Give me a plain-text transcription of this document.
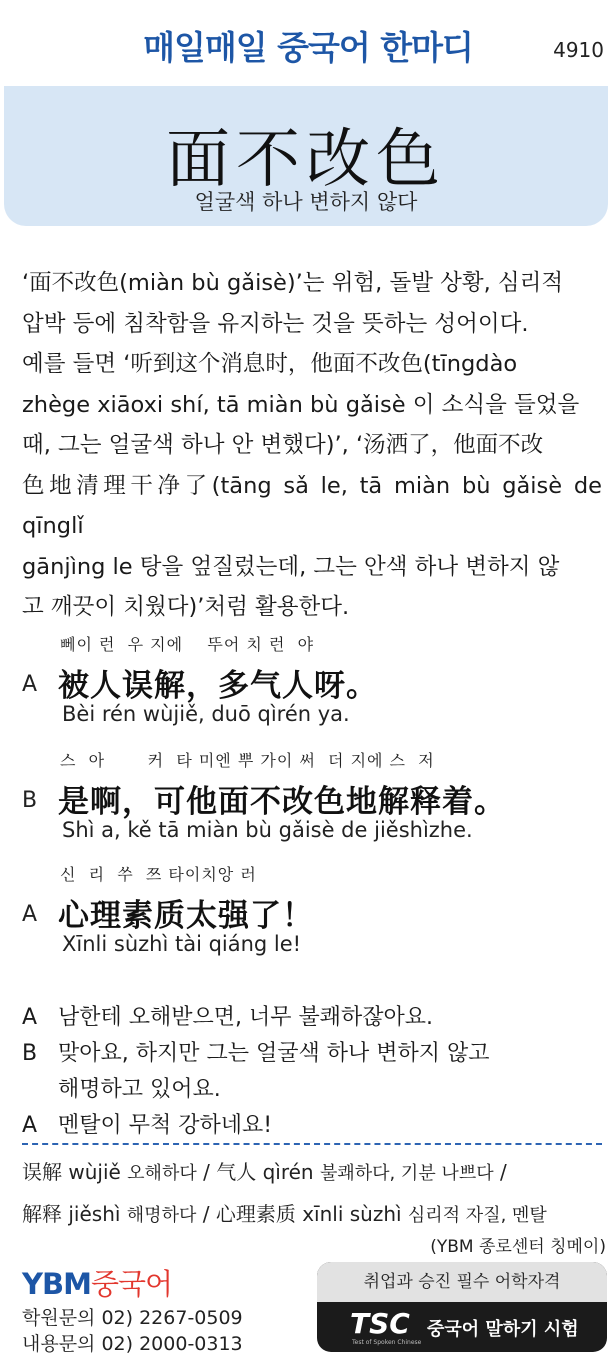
매일매일 중국어 한마디	4910
面不改色
얼굴색 하나 변하지 않다

‘面不改色(miàn bù gǎisè)’는 위험, 돌발 상황, 심리적

압박 등에 침착함을 유지하는 것을 뜻하는 성어이다.

예를 들면 ‘听到这个消息时，他面不改色(tīngdào

zhège xiāoxi shí, tā miàn bù gǎisè 이 소식을 들었을

때, 그는 얼굴색 하나 안 변했다)’, ‘汤洒了，他面不改

色地清理干净了(tāng sǎ le, tā miàn bù gǎisè de qīnglǐ

gānjìng le 탕을 엎질렀는데, 그는 안색 하나 변하지 않

고 깨끗이 치웠다)’처럼 활용한다.

뻬이 런  우 지에    뚜어 치 런  야
A 被人误解，多气人呀。
Bèi rén wùjiě, duō qìrén ya.
스  아       커  타 미엔 뿌 가이 써  더 지에 스  저
B 是啊，可他面不改色地解释着。
Shì a, kě tā miàn bù gǎisè de jiěshìzhe.
신  리  쑤  쯔 타이치앙 러
A 心理素质太强了！
Xīnli sùzhì tài qiáng le!
A 남한테 오해받으면, 너무 불쾌하잖아요.
B 맞아요, 하지만 그는 얼굴색 하나 변하지 않고
해명하고 있어요.
A 멘탈이 무척 강하네요!
误解 wùjiě 오해하다 / 气人 qìrén 불쾌하다, 기분 나쁘다 /
解释 jiěshì 해명하다 / 心理素质 xīnli sùzhì 심리적 자질, 멘탈
(YBM 종로센터 칭메이)
YBM중국어
학원문의 02) 2267-0509
내용문의 02) 2000-0313
취업과 승진 필수 어학자격
TSC
Test of Spoken Chinese
중국어 말하기 시험
